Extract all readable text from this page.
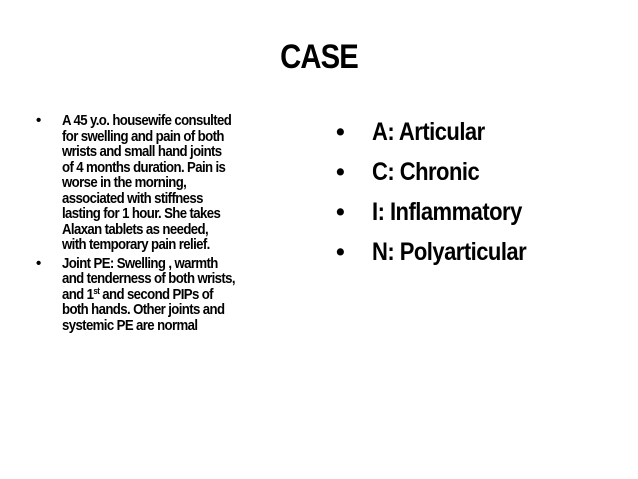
CASE
• A 45 y.o. housewife consulted
for swelling and pain of both
wrists and small hand joints
of 4 months duration. Pain is
worse in the morning,
associated with stiffness
lasting for 1 hour. She takes
Alaxan tablets as needed,
with temporary pain relief.
• Joint PE: Swelling , warmth
and tenderness of both wrists,
and 1st and second PIPs of
both hands. Other joints and
systemic PE are normal
• A: Articular
• C: Chronic
• I: Inflammatory
• N: Polyarticular
